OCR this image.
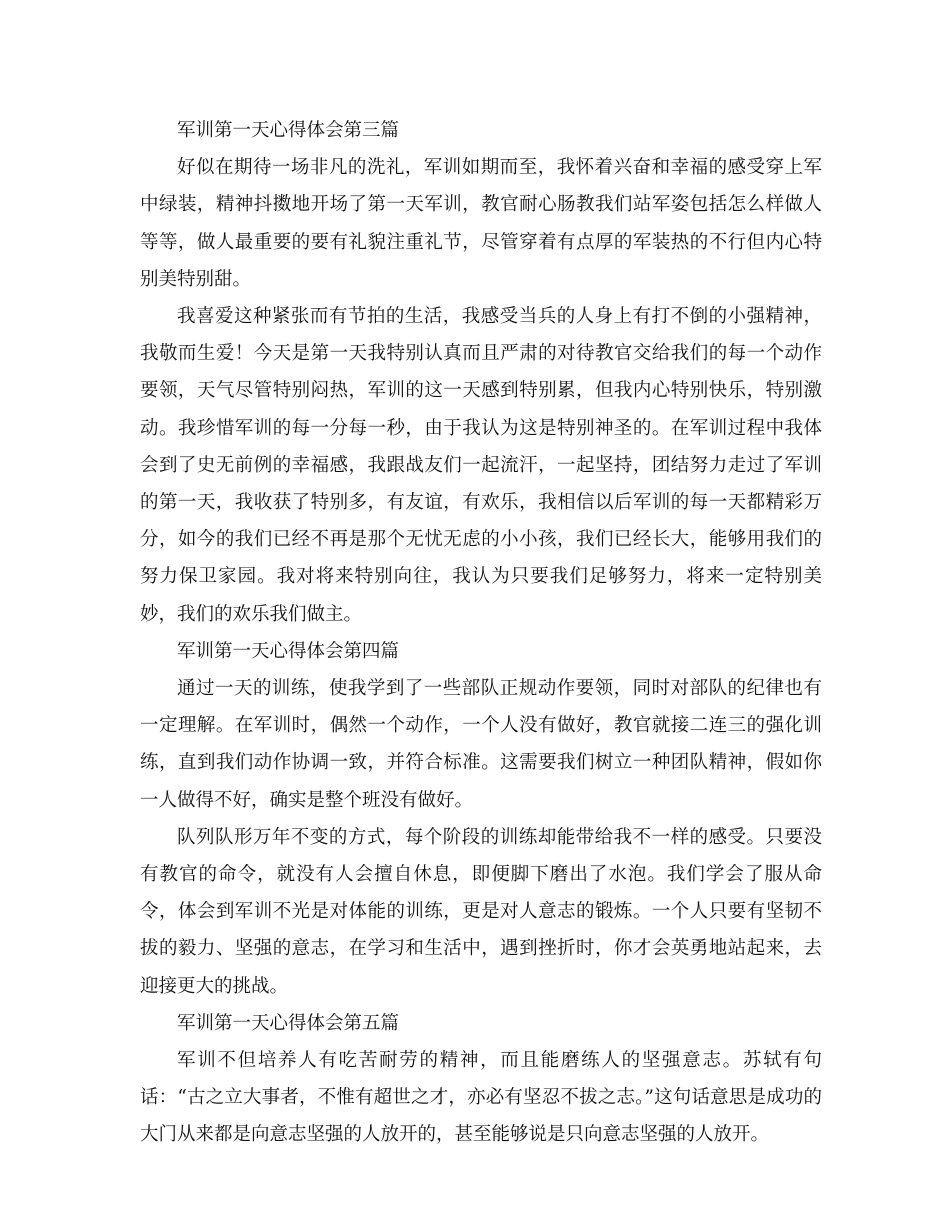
军训第一天心得体会第三篇

好似在期待一场非凡的洗礼，军训如期而至，我怀着兴奋和幸福的感受穿上军中绿装，精神抖擞地开场了第一天军训，教官耐心肠教我们站军姿包括怎么样做人等等，做人最重要的要有礼貌注重礼节，尽管穿着有点厚的军装热的不行但内心特别美特别甜。

我喜爱这种紧张而有节拍的生活，我感受当兵的人身上有打不倒的小强精神，我敬而生爱！今天是第一天我特别认真而且严肃的对待教官交给我们的每一个动作要领，天气尽管特别闷热，军训的这一天感到特别累，但我内心特别快乐，特别激动。我珍惜军训的每一分每一秒，由于我认为这是特别神圣的。在军训过程中我体会到了史无前例的幸福感，我跟战友们一起流汗，一起坚持，团结努力走过了军训的第一天，我收获了特别多，有友谊，有欢乐，我相信以后军训的每一天都精彩万分，如今的我们已经不再是那个无忧无虑的小小孩，我们已经长大，能够用我们的努力保卫家园。我对将来特别向往，我认为只要我们足够努力，将来一定特别美妙，我们的欢乐我们做主。

军训第一天心得体会第四篇

通过一天的训练，使我学到了一些部队正规动作要领，同时对部队的纪律也有一定理解。在军训时，偶然一个动作，一个人没有做好，教官就接二连三的强化训练，直到我们动作协调一致，并符合标准。这需要我们树立一种团队精神，假如你一人做得不好，确实是整个班没有做好。

队列队形万年不变的方式，每个阶段的训练却能带给我不一样的感受。只要没有教官的命令，就没有人会擅自休息，即便脚下磨出了水泡。我们学会了服从命令，体会到军训不光是对体能的训练，更是对人意志的锻炼。一个人只要有坚韧不拔的毅力、坚强的意志，在学习和生活中，遇到挫折时，你才会英勇地站起来，去迎接更大的挑战。

军训第一天心得体会第五篇

军训不但培养人有吃苦耐劳的精神，而且能磨练人的坚强意志。苏轼有句话：“古之立大事者，不惟有超世之才，亦必有坚忍不拔之志。”这句话意思是成功的大门从来都是向意志坚强的人放开的，甚至能够说是只向意志坚强的人放开。
